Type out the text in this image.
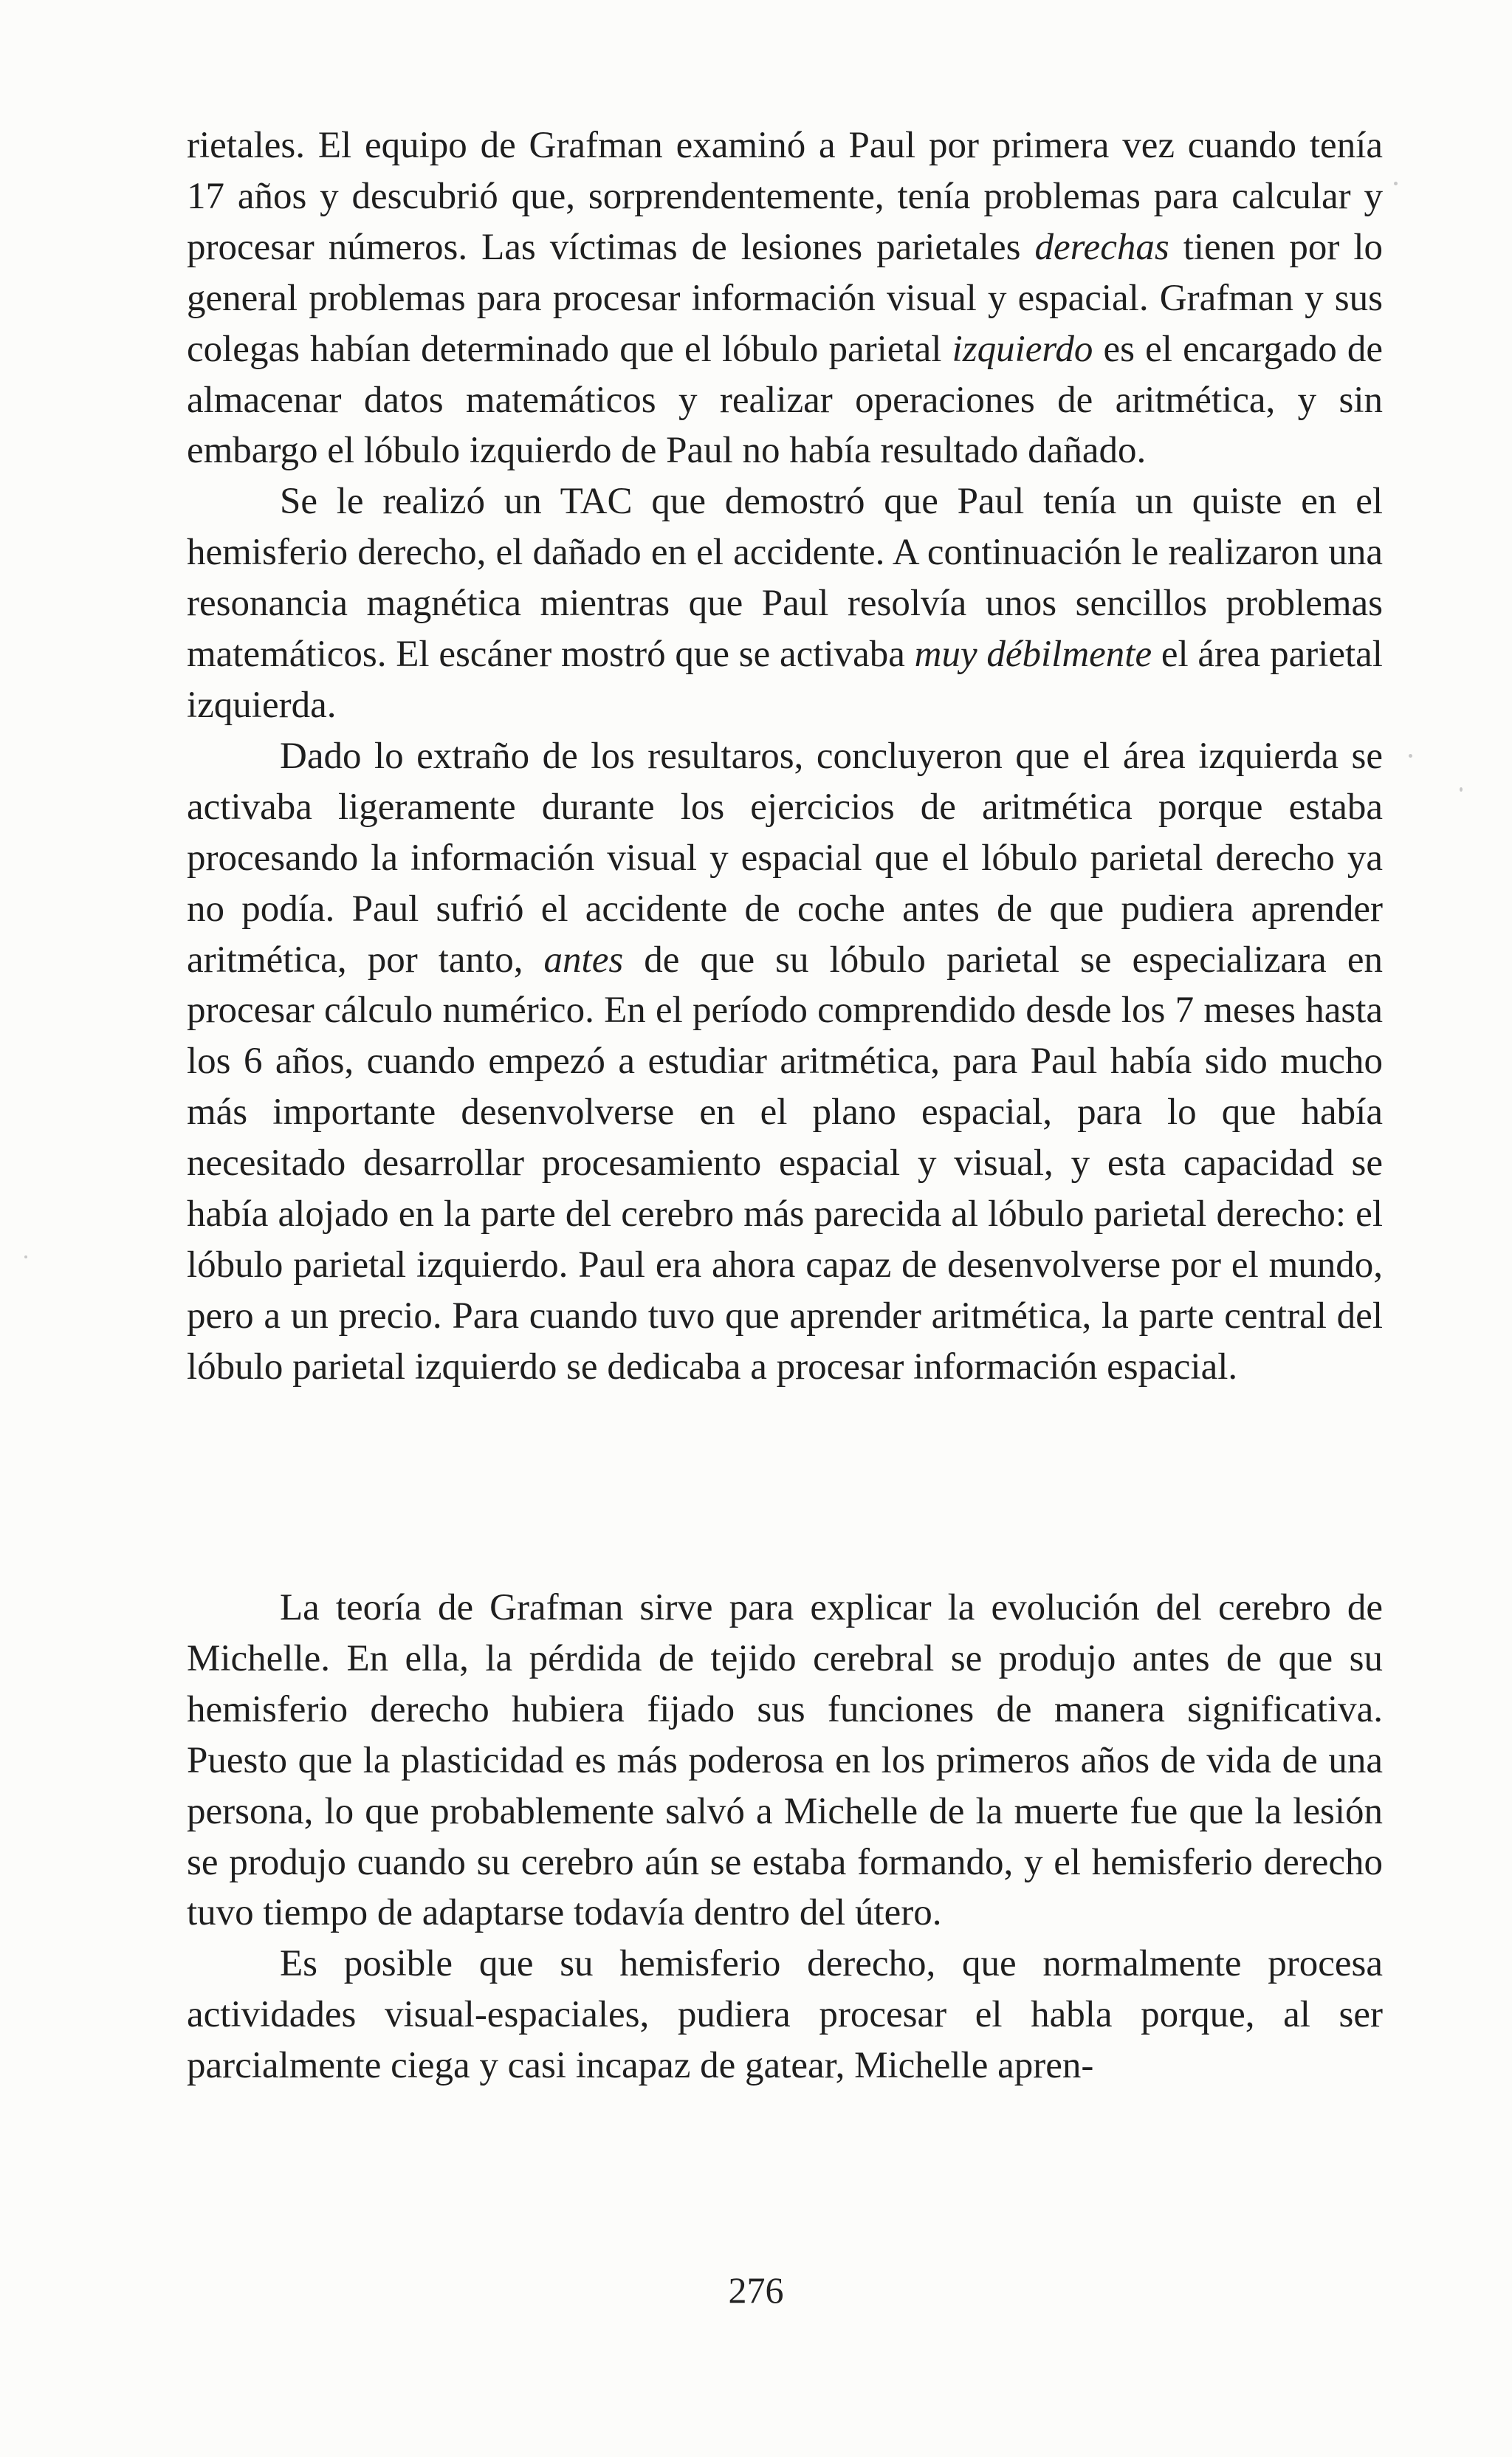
rietales. El equipo de Grafman examinó a Paul por primera vez cuando tenía 17 años y descubrió que, sorprendentemente, tenía problemas para calcular y procesar números. Las víctimas de lesiones parietales derechas tienen por lo general problemas para procesar información visual y espacial. Grafman y sus colegas habían determinado que el lóbulo parietal izquierdo es el encargado de almacenar datos matemáticos y realizar operaciones de aritmética, y sin embargo el lóbulo izquierdo de Paul no había resultado dañado.

Se le realizó un TAC que demostró que Paul tenía un quiste en el hemisferio derecho, el dañado en el accidente. A continuación le realizaron una resonancia magnética mientras que Paul resolvía unos sencillos problemas matemáticos. El escáner mostró que se activaba muy débilmente el área parietal izquierda.

Dado lo extraño de los resultaros, concluyeron que el área izquierda se activaba ligeramente durante los ejercicios de aritmética porque estaba procesando la información visual y espacial que el lóbulo parietal derecho ya no podía. Paul sufrió el accidente de coche antes de que pudiera aprender aritmética, por tanto, antes de que su lóbulo parietal se especializara en procesar cálculo numérico. En el período comprendido desde los 7 meses hasta los 6 años, cuando empezó a estudiar aritmética, para Paul había sido mucho más importante desenvolverse en el plano espacial, para lo que había necesitado desarrollar procesamiento espacial y visual, y esta capacidad se había alojado en la parte del cerebro más parecida al lóbulo parietal derecho: el lóbulo parietal izquierdo. Paul era ahora capaz de desenvolverse por el mundo, pero a un precio. Para cuando tuvo que aprender aritmética, la parte central del lóbulo parietal izquierdo se dedicaba a procesar información espacial.

La teoría de Grafman sirve para explicar la evolución del cerebro de Michelle. En ella, la pérdida de tejido cerebral se produjo antes de que su hemisferio derecho hubiera fijado sus funciones de manera significativa. Puesto que la plasticidad es más poderosa en los primeros años de vida de una persona, lo que probablemente salvó a Michelle de la muerte fue que la lesión se produjo cuando su cerebro aún se estaba formando, y el hemisferio derecho tuvo tiempo de adaptarse todavía dentro del útero.

Es posible que su hemisferio derecho, que normalmente procesa actividades visual-espaciales, pudiera procesar el habla porque, al ser parcialmente ciega y casi incapaz de gatear, Michelle apren-

276
